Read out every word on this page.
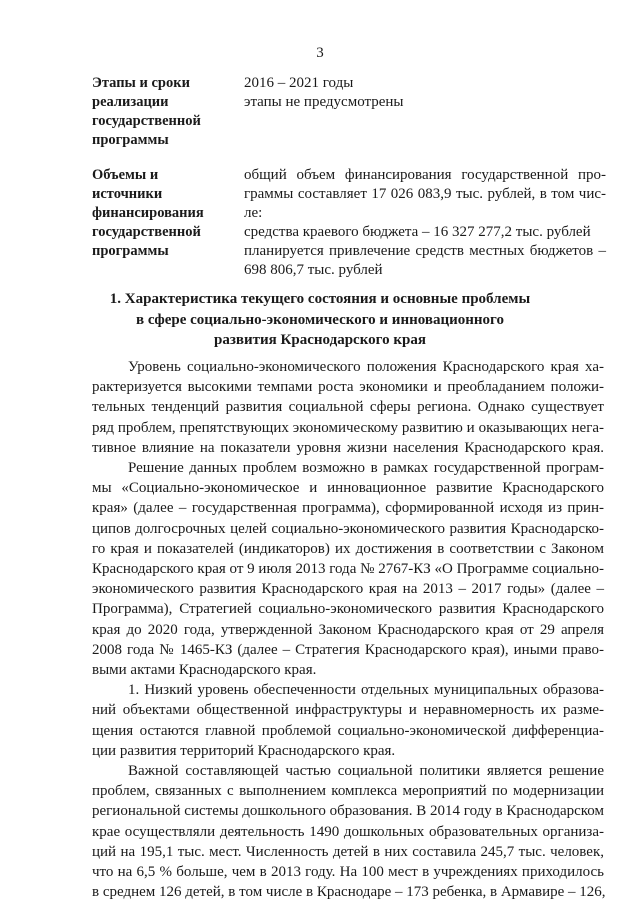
3
Этапы и сроки
реализации
государственной
программы
2016 – 2021 годы
этапы не предусмотрены
Объемы и
источники
финансирования
государственной
программы
общий объем финансирования государственной про-
граммы составляет 17 026 083,9 тыс. рублей, в том чис-
ле:
средства краевого бюджета – 16 327 277,2 тыс. рублей
планируется привлечение средств местных бюджетов –
698 806,7 тыс. рублей
1. Характеристика текущего состояния и основные проблемы
в сфере социально-экономического и инновационного
развития Краснодарского края
Уровень социально-экономического положения Краснодарского края ха-
рактеризуется высокими темпами роста экономики и преобладанием положи-
тельных тенденций развития социальной сферы региона. Однако существует
ряд проблем, препятствующих экономическому развитию и оказывающих нега-
тивное влияние на показатели уровня жизни населения Краснодарского края.
Решение данных проблем возможно в рамках государственной програм-
мы «Социально-экономическое и инновационное развитие Краснодарского
края» (далее – государственная программа), сформированной исходя из прин-
ципов долгосрочных целей социально-экономического развития Краснодарско-
го края и показателей (индикаторов) их достижения в соответствии с Законом
Краснодарского края от 9 июля 2013 года № 2767-КЗ «О Программе социально-
экономического развития Краснодарского края на 2013 – 2017 годы» (далее –
Программа), Стратегией социально-экономического развития Краснодарского
края до 2020 года, утвержденной Законом Краснодарского края от 29 апреля
2008 года № 1465-КЗ (далее – Стратегия Краснодарского края), иными право-
выми актами Краснодарского края.
1. Низкий уровень обеспеченности отдельных муниципальных образова-
ний объектами общественной инфраструктуры и неравномерность их разме-
щения остаются главной проблемой социально-экономической дифференциа-
ции развития территорий Краснодарского края.
Важной составляющей частью социальной политики является решение
проблем, связанных с выполнением комплекса мероприятий по модернизации
региональной системы дошкольного образования. В 2014 году в Краснодарском
крае осуществляли деятельность 1490 дошкольных образовательных организа-
ций на 195,1 тыс. мест. Численность детей в них составила 245,7 тыс. человек,
что на 6,5 % больше, чем в 2013 году. На 100 мест в учреждениях приходилось
в среднем 126 детей, в том числе в Краснодаре – 173 ребенка, в Армавире – 126,
